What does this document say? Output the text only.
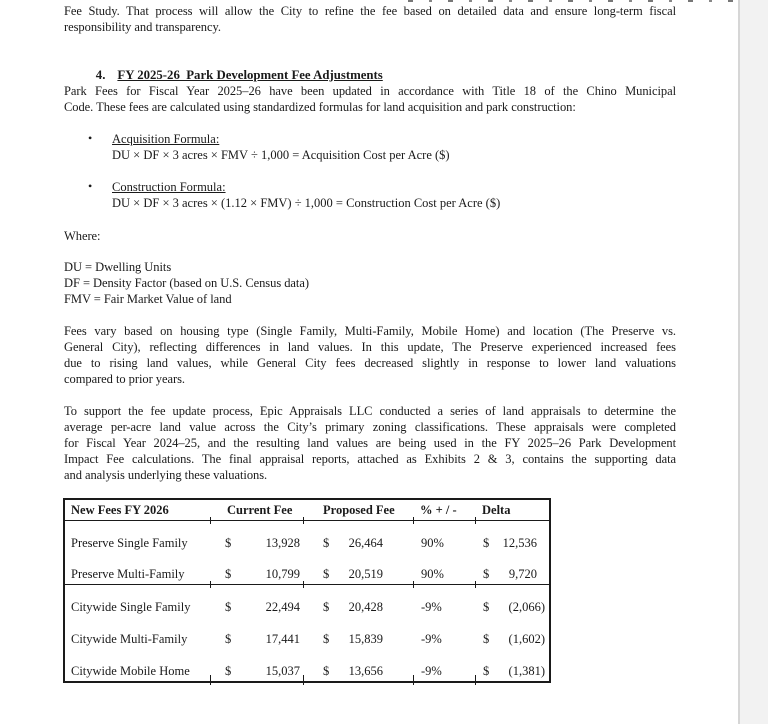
Fee Study. That process will allow the City to refine the fee based on detailed data and ensure long-term fiscal
responsibility and transparency.

4. FY 2025-26  Park Development Fee Adjustments

Park Fees for Fiscal Year 2025–26 have been updated in accordance with Title 18 of the Chino Municipal
Code. These fees are calculated using standardized formulas for land acquisition and park construction:
• Acquisition Formula:
DU × DF × 3 acres × FMV ÷ 1,000 = Acquisition Cost per Acre ($)
• Construction Formula:
DU × DF × 3 acres × (1.12 × FMV) ÷ 1,000 = Construction Cost per Acre ($)
Where:
DU = Dwelling Units
DF = Density Factor (based on U.S. Census data)
FMV = Fair Market Value of land
Fees vary based on housing type (Single Family, Multi-Family, Mobile Home) and location (The Preserve vs.
General City), reflecting differences in land values. In this update, The Preserve experienced increased fees
due to rising land values, while General City fees decreased slightly in response to lower land valuations
compared to prior years.
To support the fee update process, Epic Appraisals LLC conducted a series of land appraisals to determine the
average per-acre land value across the City’s primary zoning classifications. These appraisals were completed
for Fiscal Year 2024–25, and the resulting land values are being used in the FY 2025–26 Park Development
Impact Fee calculations. The final appraisal reports, attached as Exhibits 2 & 3, contains the supporting data
and analysis underlying these valuations.
New Fees FY 2026	Current Fee	Proposed Fee	% + / -	Delta
Preserve Single Family	$	13,928 $ 26,464	90%	$ 12,536
Preserve Multi-Family	$	10,799 $ 20,519	90%	$ 9,720
Citywide Single Family	$	22,494 $ 20,428	-9%	$ (2,066)
Citywide Multi-Family	$	17,441 $ 15,839	-9%	$ (1,602)
Citywide Mobile Home	$	15,037 $ 13,656	-9%	$ (1,381)
